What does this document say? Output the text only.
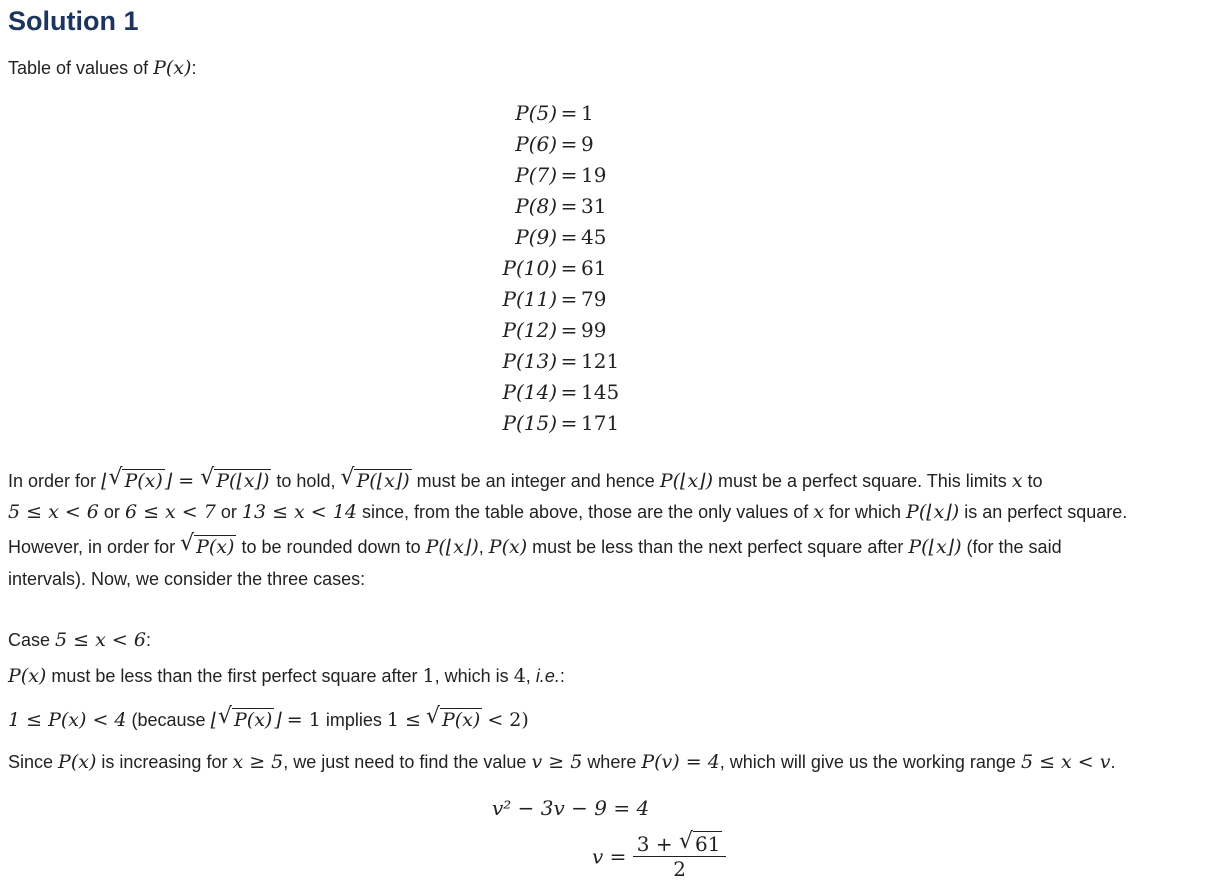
Solution 1
Table of values of P(x):
P(5) = 1
P(6) = 9
P(7) = 19
P(8) = 31
P(9) = 45
P(10) = 61
P(11) = 79
P(12) = 99
P(13) = 121
P(14) = 145
P(15) = 171
In order for ⌊ √ P(x) ⌋ = √ P(⌊x⌋) to hold, √ P(⌊x⌋) must be an integer and hence P(⌊x⌋) must be a perfect square. This limits x to
5 ≤ x < 6 or 6 ≤ x < 7 or 13 ≤ x < 14 since, from the table above, those are the only values of x for which P(⌊x⌋) is an perfect square.
However, in order for √ P(x) to be rounded down to P(⌊x⌋), P(x) must be less than the next perfect square after P(⌊x⌋) (for the said
intervals). Now, we consider the three cases:
Case 5 ≤ x < 6:
P(x) must be less than the first perfect square after 1, which is 4, i.e.:
1 ≤ P(x) < 4 (because ⌊ √ P(x) ⌋ = 1 implies 1 ≤ √ P(x) < 2)
Since P(x) is increasing for x ≥ 5, we just need to find the value v ≥ 5 where P(v) = 4, which will give us the working range 5 ≤ x < v.
v² − 3v − 9 = 4
$v = \frac{3 + √ 61}{2}$
